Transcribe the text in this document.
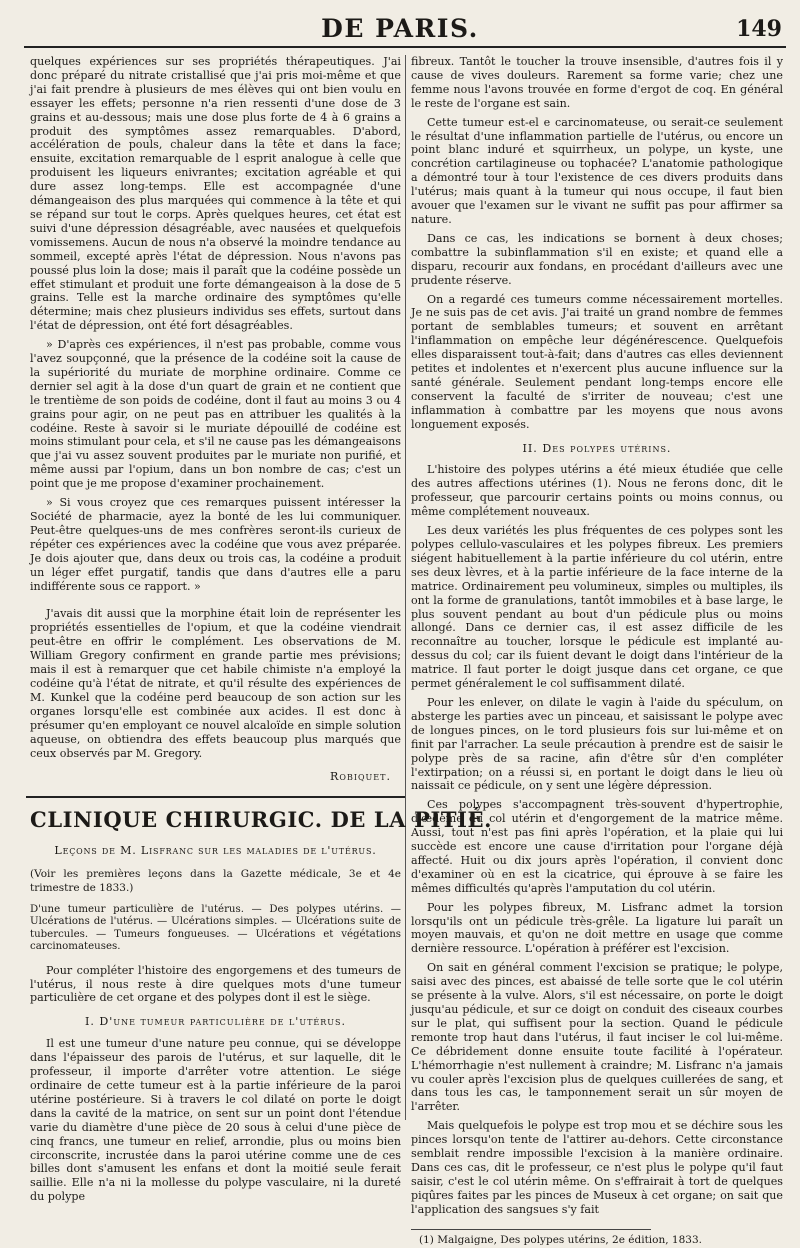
DE PARIS.	149

quelques expériences sur ses propriétés thérapeutiques. J'ai donc préparé du nitrate cristallisé que j'ai pris moi-même et que j'ai fait prendre à plusieurs de mes élèves qui ont bien voulu en essayer les effets; personne n'a rien ressenti d'une dose de 3 grains et au-dessous; mais une dose plus forte de 4 à 6 grains a produit des symptômes assez remarquables. D'abord, accélération de pouls, chaleur dans la tête et dans la face; ensuite, excitation remarquable de l esprit analogue à celle que produisent les liqueurs enivrantes; excitation agréable et qui dure assez long-temps. Elle est accompagnée d'une démangeaison des plus marquées qui commence à la tête et qui se répand sur tout le corps. Après quelques heures, cet état est suivi d'une dépression désagréable, avec nausées et quelquefois vomissemens. Aucun de nous n'a observé la moindre tendance au sommeil, excepté après l'état de dépression. Nous n'avons pas poussé plus loin la dose; mais il paraît que la codéine possède un effet stimulant et produit une forte démangeaison à la dose de 5 grains. Telle est la marche ordinaire des symptômes qu'elle détermine; mais chez plusieurs individus ses effets, surtout dans l'état de dépression, ont été fort désagréables.

» D'après ces expériences, il n'est pas probable, comme vous l'avez soupçonné, que la présence de la codéine soit la cause de la supériorité du muriate de morphine ordinaire. Comme ce dernier sel agit à la dose d'un quart de grain et ne contient que le trentième de son poids de codéine, dont il faut au moins 3 ou 4 grains pour agir, on ne peut pas en attribuer les qualités à la codéine. Reste à savoir si le muriate dépouillé de codéine est moins stimulant pour cela, et s'il ne cause pas les démangeaisons que j'ai vu assez souvent produites par le muriate non purifié, et même aussi par l'opium, dans un bon nombre de cas; c'est un point que je me propose d'examiner prochainement.

» Si vous croyez que ces remarques puissent intéresser la Société de pharmacie, ayez la bonté de les lui communiquer. Peut-être quelques-uns de mes confrères seront-ils curieux de répéter ces expériences avec la codéine que vous avez préparée. Je dois ajouter que, dans deux ou trois cas, la codéine a produit un léger effet purgatif, tandis que dans d'autres elle a paru indifférente sous ce rapport. »

J'avais dit aussi que la morphine était loin de représenter les propriétés essentielles de l'opium, et que la codéine viendrait peut-être en offrir le complément. Les observations de M. William Gregory confirment en grande partie mes prévisions; mais il est à remarquer que cet habile chimiste n'a employé la codéine qu'à l'état de nitrate, et qu'il résulte des expériences de M. Kunkel que la codéine perd beaucoup de son action sur les organes lorsqu'elle est combinée aux acides. Il est donc à présumer qu'en employant ce nouvel alcaloïde en simple solution aqueuse, on obtiendra des effets beaucoup plus marqués que ceux observés par M. Gregory.

Robiquet.
CLINIQUE CHIRURGIC. DE LA PITIÉ.
Leçons de M. Lisfranc sur les maladies de l'utérus.

(Voir les premières leçons dans la Gazette médicale, 3e et 4e trimestre de 1833.)

D'une tumeur particulière de l'utérus. — Des polypes utérins. — Ulcérations de l'utérus. — Ulcérations simples. — Ulcérations suite de tubercules. — Tumeurs fongueuses. — Ulcérations et végétations carcinomateuses.

Pour compléter l'histoire des engorgemens et des tumeurs de l'utérus, il nous reste à dire quelques mots d'une tumeur particulière de cet organe et des polypes dont il est le siège.

I. D'une tumeur particulière de l'utérus.

Il est une tumeur d'une nature peu connue, qui se développe dans l'épaisseur des parois de l'utérus, et sur laquelle, dit le professeur, il importe d'arrêter votre attention. Le siége ordinaire de cette tumeur est à la partie inférieure de la paroi utérine postérieure. Si à travers le col dilaté on porte le doigt dans la cavité de la matrice, on sent sur un point dont l'étendue varie du diamètre d'une pièce de 20 sous à celui d'une pièce de cinq francs, une tumeur en relief, arrondie, plus ou moins bien circonscrite, incrustée dans la paroi utérine comme une de ces billes dont s'amusent les enfans et dont la moitié seule ferait saillie. Elle n'a ni la mollesse du polype vasculaire, ni la dureté du polype

fibreux. Tantôt le toucher la trouve insensible, d'autres fois il y cause de vives douleurs. Rarement sa forme varie; chez une femme nous l'avons trouvée en forme d'ergot de coq. En général le reste de l'organe est sain.

Cette tumeur est-el e carcinomateuse, ou serait-ce seulement le résultat d'une inflammation partielle de l'utérus, ou encore un point blanc induré et squirrheux, un polype, un kyste, une concrétion cartilagineuse ou tophacée? L'anatomie pathologique a démontré tour à tour l'existence de ces divers produits dans l'utérus; mais quant à la tumeur qui nous occupe, il faut bien avouer que l'examen sur le vivant ne suffit pas pour affirmer sa nature.

Dans ce cas, les indications se bornent à deux choses; combattre la subinflammation s'il en existe; et quand elle a disparu, recourir aux fondans, en procédant d'ailleurs avec une prudente réserve.

On a regardé ces tumeurs comme nécessairement mortelles. Je ne suis pas de cet avis. J'ai traité un grand nombre de femmes portant de semblables tumeurs; et souvent en arrêtant l'inflammation on empêche leur dégénérescence. Quelquefois elles disparaissent tout-à-fait; dans d'autres cas elles deviennent petites et indolentes et n'exercent plus aucune influence sur la santé générale. Seulement pendant long-temps encore elle conservent la faculté de s'irriter de nouveau; c'est une inflammation à combattre par les moyens que nous avons longuement exposés.

II. Des polypes utérins.

L'histoire des polypes utérins a été mieux étudiée que celle des autres affections utérines (1). Nous ne ferons donc, dit le professeur, que parcourir certains points ou moins connus, ou même complétement nouveaux.

Les deux variétés les plus fréquentes de ces polypes sont les polypes cellulo-vasculaires et les polypes fibreux. Les premiers siégent habituellement à la partie inférieure du col utérin, entre ses deux lèvres, et à la partie inférieure de la face interne de la matrice. Ordinairement peu volumineux, simples ou multiples, ils ont la forme de granulations, tantôt immobiles et à base large, le plus souvent pendant au bout d'un pédicule plus ou moins allongé. Dans ce dernier cas, il est assez difficile de les reconnaître au toucher, lorsque le pédicule est implanté au-dessus du col; car ils fuient devant le doigt dans l'intérieur de la matrice. Il faut porter le doigt jusque dans cet organe, ce que permet généralement le col suffisamment dilaté.

Pour les enlever, on dilate le vagin à l'aide du spéculum, on absterge les parties avec un pinceau, et saisissant le polype avec de longues pinces, on le tord plusieurs fois sur lui-même et on finit par l'arracher. La seule précaution à prendre est de saisir le polype près de sa racine, afin d'être sûr d'en compléter l'extirpation; on a réussi si, en portant le doigt dans le lieu où naissait ce pédicule, on y sent une légère dépression.

Ces polypes s'accompagnent très-souvent d'hypertrophie, d'œdème du col utérin et d'engorgement de la matrice même. Aussi, tout n'est pas fini après l'opération, et la plaie qui lui succède est encore une cause d'irritation pour l'organe déjà affecté. Huit ou dix jours après l'opération, il convient donc d'examiner où en est la cicatrice, qui éprouve à se faire les mêmes difficultés qu'après l'amputation du col utérin.

Pour les polypes fibreux, M. Lisfranc admet la torsion lorsqu'ils ont un pédicule très-grêle. La ligature lui paraît un moyen mauvais, et qu'on ne doit mettre en usage que comme dernière ressource. L'opération à préférer est l'excision.

On sait en général comment l'excision se pratique; le polype, saisi avec des pinces, est abaissé de telle sorte que le col utérin se présente à la vulve. Alors, s'il est nécessaire, on porte le doigt jusqu'au pédicule, et sur ce doigt on conduit des ciseaux courbes sur le plat, qui suffisent pour la section. Quand le pédicule remonte trop haut dans l'utérus, il faut inciser le col lui-même. Ce débridement donne ensuite toute facilité à l'opérateur. L'hémorrhagie n'est nullement à craindre; M. Lisfranc n'a jamais vu couler après l'excision plus de quelques cuillerées de sang, et dans tous les cas, le tamponnement serait un sûr moyen de l'arrêter.

Mais quelquefois le polype est trop mou et se déchire sous les pinces lorsqu'on tente de l'attirer au-dehors. Cette circonstance semblait rendre impossible l'excision à la manière ordinaire. Dans ces cas, dit le professeur, ce n'est plus le polype qu'il faut saisir, c'est le col utérin même. On s'effrairait à tort de quelques piqûres faites par les pinces de Museux à cet organe; on sait que l'application des sangsues s'y fait

(1) Malgaigne, Des polypes utérins, 2e édition, 1833.
